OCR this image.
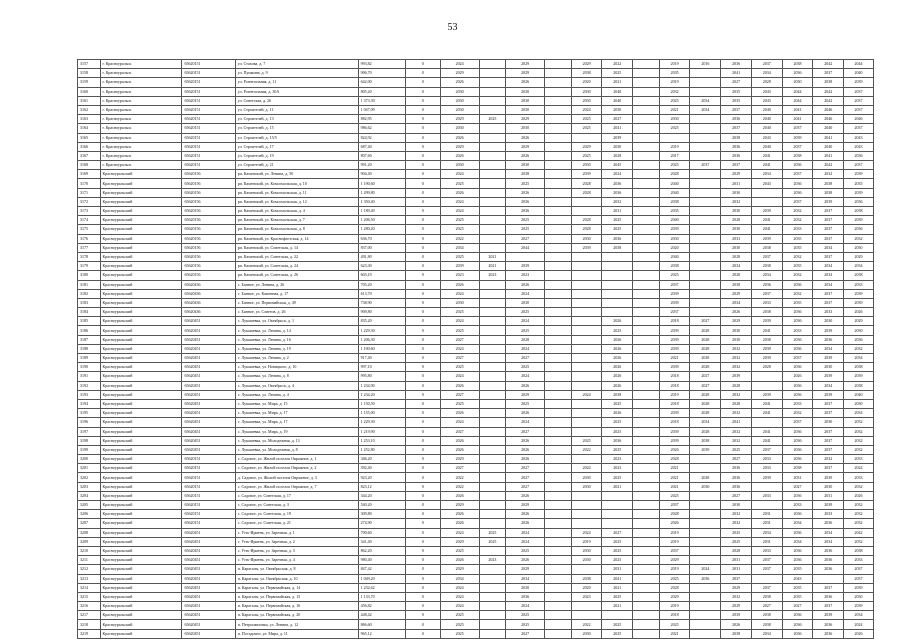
53
3157	г. Красноуральск	65620151	ул. Стахова, д. 7	993,82	0	2024		2029		2029	2022		2019	2016	2036	2037	2038	2042	2044
3158	г. Красноуральск	65620151	ул. Пушкина, д. 9	906,70	0	2029		2029		2038	2025		2035		2041	2034	2036	2037	2040
3159	г. Красноуральск	65620151	ул. Розентальная, д. 11	642,00	0	2026		2026		2020	2021		2019		2027	2028	2030	2038	2039
3160	г. Красноуральск	65620151	ул. Розентальная, д. 30А	805,20	0	2030		2030		2030	2040		2032		2035	2043	2044	2042	2037
3161	г. Красноуральск	65620151	ул. Советская, д. 26	1 373,30	0	2030		2030		2030	2040		2025	2034	2035	2043	2044	2042	2037
3162	г. Красноуральск	65620151	ул. Строителей, д. 11	1 047,09	0	2030		2030		2024	2030		2021	2034	2037	2040	2041	2046	2037
3163	г. Красноуральск	65620151	ул. Строителей, д. 13	882,95	0	2029	2025	2029		2025	2027		2030		2036	2040	2041	2046	2046
3164	г. Красноуральск	65620151	ул. Строителей, д. 15	986,62	0	2030		2030		2025	2041		2025		2037	2040	2037	2040	2037
3165	г. Красноуральск	65620151	ул. Строителей, д. 15/5	824,92	0	2026		2026			2039				2038	2043	2039	2041	2043
3166	г. Красноуральск	65620151	ул. Строителей, д. 17	687,40	0	2029		2029		2029	2030		2019		2036	2040	2037	2040	2043
3167	г. Красноуральск	65620151	ул. Строителей, д. 19	807,60	0	2026		2026		2025	2028		2017		2036	2041	2038	2041	2036
3168	г. Красноуральск	65620151	ул. Строителей, д. 21	991,20	0	2030		2030		2030	2045		2025	2037	2037	2041	2036	2042	2037
3169	Красноуральский	65620156	рп. Каменский, ул. Ленина, д. 50	904,40	0	2024		2038		2039	2024		2028		2029	2034	2037	2032	2039
3170	Красноуральский	65620156	рп. Каменский, ул. Комсомольская, д. 10	1 190,60	0	2025		2025		2028	2036		2040		2031	2043	2036	2038	2035
3171	Красноуральский	65620156	рп. Каменский, ул. Комсомольская, д. 11	1 299,80	0	2026		2026		2028	2036		2040		2030		2036	2038	2039
3172	Красноуральский	65620156	рп. Каменский, ул. Комсомольская, д. 12	1 350,40	0	2024		2036			2032		2038		2032		2037	2039	2036
3173	Красноуральский	65620156	рп. Каменский, ул. Комсомольская, д. 4	1 189,40	0	2024		2036			2031		2035		2030	2039	2032	2037	2038
3174	Красноуральский	65620156	рп. Каменский, ул. Комсомольская, д. 7	1 206,50	0	2025		2025		2028	2025		2040		2028	2041	2032	2037	2039
3175	Красноуральский	65620156	рп. Каменский, ул. Комсомольская, д. 8	1 280,20	0	2025		2025		2028	2025		2039		2030	2041	2033	2037	2036
3176	Красноуральский	65620156	рп. Каменский, ул. Краснофлотская, д. 14	636,70	0	2022		2027		2030	2036		2030		2033	2039	2035	2037	2032
3177	Красноуральский	65620156	рп. Каменский, ул. Советская, д. 14	837,00	0	2034		2044		2039	2038		2020		2030	2038	2035	2034	2030
3178	Красноуральский	65620156	рп. Каменский, ул. Советская, д. 22	491,80	0	2025	2021						2040		2028	2037	2032	2037	2029
3179	Красноуральский	65620156	рп. Каменский, ул. Советская, д. 24	623,30	0	2039	2021	2039					2038		2034	2038	2035	2034	2034
3180	Красноуральский	65620156	рп. Каменский, ул. Советская, д. 26	603,19	0	2023	2023	2023					2025		2028	2034	2032	2034	2038
3181	Красноуральский	65620436	с. Банное, ул. Ленина, д. 26	705,20	0	2026		2026					2037		2038	2036	2036	2034	2033
3182	Красноуральский	65620436	с. Банное, ул. Каменная, д. 17	613,70	0	2024		2024					2039		2029	2037	2032	2037	2039
3183	Красноуральский	65620436	с. Банное, ул. Первомайская, д. 49	738,90	0	2030		2030					2039		2034	2033	2035	2037	2039
3184	Красноуральский	65620436	с. Банное, ул. Советов, д. 26	909,80	0	2025		2025					2037		2026	2038	2036	2033	2026
3185	Красноуральский	65620451	с. Лукашевка, ул. Октябрьск, д. 1	835,20	0	2024		2024			2026		2018	2027	2029	2039	2036	2030	2029
3186	Красноуральский	65620451	с. Лукашевка, ул. Ленина, д. 14	1 229,30	0	2025		2025			2025		2039	2028	2030	2041	2033	2039	2030
3187	Красноуральский	65620451	с. Лукашевка, ул. Ленина, д. 16	1 206,30	0	2027		2028			2026		2039	2028	2030	2038	2036	2036	2036
3188	Красноуральский	65620451	с. Лукашевка, ул. Ленина, д. 19	1 190,60	0	2024		2024			2026		2039	2028	2032	2039	2036	2034	2032
3189	Красноуральский	65620451	с. Лукашевка, ул. Ленина, д. 2	917,40	0	2027		2027			2026		2021	2028	2032	2039	2037	2039	2034
3190	Красноуральский	65620451	с. Лукашевка, ул. Новицкого, д. 10	997,10	0	2025		2025			2026		2039	2028	2032	2028	2036	2030	2038
3191	Красноуральский	65620451	с. Лукашевка, ул. Ленина, д. 8	995,80	0	2024		2024			2026		2018	2027	2039		2026	2039	2039
3192	Красноуральский	65620451	с. Лукашевка, ул. Октябрьск, д. 4	1 234,90	0	2026		2026			2026		2018	2027	2028		2036	2034	2038
3193	Красноуральский	65620451	с. Лукашевка, ул. Ленина, д. 4	1 234,20	0	2027		2029		2024	2038		2019	2028	2032	2039	2036	2039	2040
3194	Красноуральский	65620451	с. Лукашевка, ул. Мира, д. 15	1 150,50	0	2025		2025			2025		2018	2028	2028	2041	2033	2037	2030
3195	Красноуральский	65620451	с. Лукашевка, ул. Мира, д. 17	1 155,00	0	2026		2026			2026		2039	2028	2032	2041	2032	2037	2034
3196	Красноуральский	65620451	с. Лукашевка, ул. Мира, д. 17	1 229,30	0	2024		2024			2025		2018	2034	2041		2037	2030	2032
3197	Красноуральский	65620451	с. Лукашевка, ул. Мира, д. 19	1 219,90	0	2027		2027			2025		2039	2028	2032	2041	2036	2037	2032
3198	Красноуральский	65620451	с. Лукашевка, ул. Молодежная, д. 13	1 253,10	0	2026		2026		2025	2036		2039	2038	2032	2041	2036	2037	2032
3199	Красноуральский	65620451	с. Лукашевка, ул. Молодежная, д. 8	1 252,80	0	2026		2026		2022	2025		2026	2039	2025	2037	2036	2037	2032
3200	Красноуральский	65620151	с. Садовое, ул. Жилой поселок Овражное, д. 1	346,20	0	2029		2026			2023		2028		2027	2033	2036	2032	2033
3201	Красноуральский	65620151	с. Садовое, ул. Жилой поселок Овражное, д. 2	392,40	0	2027		2027		2024	2023		2021		2036	2033	2038	2037	2024
3202	Красноуральский	65620151	д. Садовое, ул. Жилой поселок Овражное, д. 3	923,20	0	2022		2027		2030	2025		2021	2028	2036	2039	2031	2039	2033
3203	Красноуральский	65620151	с. Садовое, ул. Жилой поселок Овражное, д. 7	823,12	0	2022		2027		2030	2021		2021	2030	2036		2027	2030	2032
3204	Красноуральский	65620151	с. Садовое, ул. Советская, д. 17	344,20	0	2026		2026					2025		2027	2033	2036	2031	2026
3205	Красноуральский	65620151	с. Садовое, ул. Советская, д. 3	540,20	0	2029		2029					2037		2030		2033	2039	2032
3206	Красноуральский	65620151	с. Садовое, ул. Советская, д. 19	309,80	0	2026		2026					2028		2032	2031	2036	2033	2032
3207	Красноуральский	65620151	с. Садовое, ул. Советская, д. 21	274,90	0	2026		2026					2026		2032	2031	2034	2036	2032
3208	Красноуральский	65620451	с. Усть-Ирмень, ул. Заречная, д. 1	700,60	0	2024	2025	2024		2024	2027		2019		2025	2034	2036	2034	2042
3209	Красноуральский	65620451	с. Усть-Ирмень, ул. Заречная, д. 2	341,40	0	2029	2025	2024		2019	2025		2019		2025	2031	2034	2034	2032
3210	Красноуральский	65620451	с. Усть-Ирмень, ул. Заречная, д. 3	862,20	0	2025		2025		2030	2025		2037		2028	2033	2036	2036	2038
3211	Красноуральский	65620451	с. Усть-Ирмень, ул. Заречная, д. 4	980,40	0	2026	2023	2026		2030	2025		2029		2031	2037	2036	2036	2033
3212	Красноуральский	65620451	п. Карагалы, ул. Октябрьская, д. 8	847,42	0	2029		2029			2031		2019	2024	2031	2037	2035	2036	2037
3213	Красноуральский	65620451	п. Карагалы, ул. Октябрьская, д. 10	1 049,20	0	2034		2034		2038	2041		2025	2036	2037		2043		2037
3214	Красноуральский	65620451	п. Карагалы, ул. Первомайская, д. 14	1 232,62	0	2024		2030		2020	2021		2028		2029	2037	2035	2037	2039
3215	Красноуральский	65620451	п. Карагалы, ул. Первомайская, д. 15	1 133,70	0	2024		2036		2023	2025		2029		2032	2038	2035	2036	2030
3216	Красноуральский	65620451	п. Карагалы, ул. Первомайская, д. 16	456,82	0	2024		2024			2021		2019		2029	2027	2027	2037	2039
3217	Красноуральский	65620451	п. Карагалы, ул. Первомайская, д. 20	448,42	0	2025		2025					2018		2039	2038	2036	2039	2034
3218	Красноуральский	65620451	п. Петропавловка, ул. Ленина, д. 12	866,60	0	2025		2025		2022	2025		2025		2026	2038	2036	2036	2024
3219	Красноуральский	65620451	п. Посадочно, ул. Мира, д. 11	965,12	0	2025		2027		2030	2025		2021		2038	2034	2036	2036	2026
